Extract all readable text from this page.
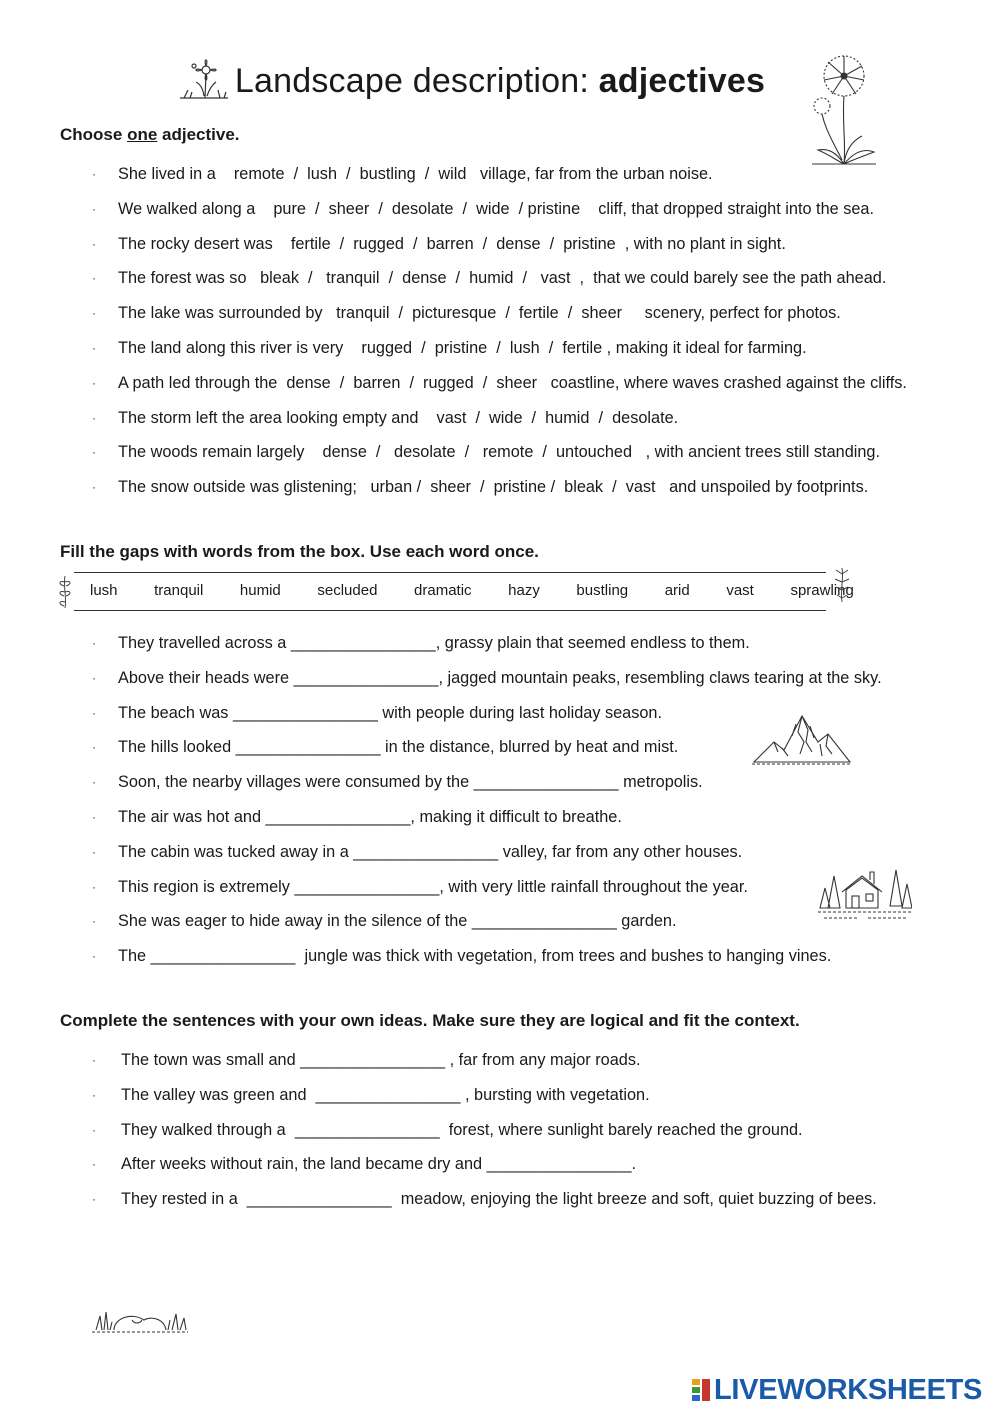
Landscape description: adjectives
Choose one adjective.
· She lived in a    remote  /  lush  /  bustling  /  wild   village, far from the urban noise.
· We walked along a    pure  /  sheer  /  desolate  /  wide  / pristine    cliff, that dropped straight into the sea.
· The rocky desert was    fertile  /  rugged  /  barren  /  dense  /  pristine  , with no plant in sight.
· The forest was so   bleak  /   tranquil  /  dense  /  humid  /   vast  ,  that we could barely see the path ahead.
· The lake was surrounded by   tranquil  /  picturesque  /  fertile  /  sheer     scenery, perfect for photos.
· The land along this river is very    rugged  /  pristine  /  lush  /  fertile , making it ideal for farming.
· A path led through the  dense  /  barren  /  rugged  /  sheer   coastline, where waves crashed against the cliffs.
· The storm left the area looking empty and    vast  /  wide  /  humid  /  desolate.
· The woods remain largely    dense  /   desolate  /   remote  /  untouched   , with ancient trees still standing.
· The snow outside was glistening;   urban /  sheer  /  pristine /  bleak  /  vast   and unspoiled by footprints.
Fill the gaps with words from the box. Use each word once.
lush tranquil humid secluded dramatic hazy bustling arid vast sprawling
· They travelled across a ________________, grassy plain that seemed endless to them.
· Above their heads were ________________, jagged mountain peaks, resembling claws tearing at the sky.
· The beach was ________________ with people during last holiday season.
· The hills looked ________________ in the distance, blurred by heat and mist.
· Soon, the nearby villages were consumed by the ________________ metropolis.
· The air was hot and ________________, making it difficult to breathe.
· The cabin was tucked away in a ________________ valley, far from any other houses.
· This region is extremely ________________, with very little rainfall throughout the year.
· She was eager to hide away in the silence of the ________________ garden.
· The ________________  jungle was thick with vegetation, from trees and bushes to hanging vines.
Complete the sentences with your own ideas. Make sure they are logical and fit the context.
· The town was small and ________________ , far from any major roads.
· The valley was green and  ________________ , bursting with vegetation.
· They walked through a  ________________  forest, where sunlight barely reached the ground.
· After weeks without rain, the land became dry and ________________.
· They rested in a  ________________  meadow, enjoying the light breeze and soft, quiet buzzing of bees.
LIVEWORKSHEETS
